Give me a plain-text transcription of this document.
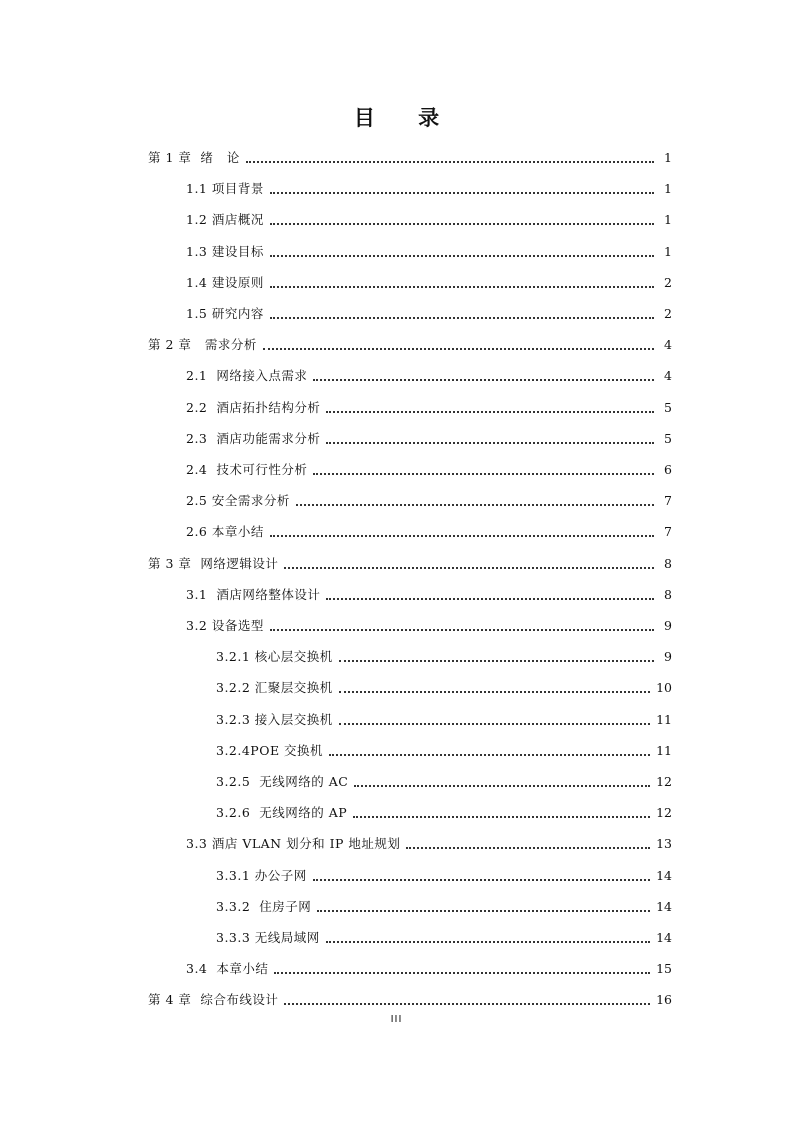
目 录
第 1 章  绪   论	1
1.1 项目背景	1
1.2 酒店概况	1
1.3 建设目标	1
1.4 建设原则	2
1.5 研究内容	2
第 2 章   需求分析	4
2.1  网络接入点需求	4
2.2  酒店拓扑结构分析	5
2.3  酒店功能需求分析	5
2.4  技术可行性分析	6
2.5 安全需求分析	7
2.6 本章小结	7
第 3 章  网络逻辑设计	8
3.1  酒店网络整体设计	8
3.2 设备选型	9
3.2.1 核心层交换机	9
3.2.2 汇聚层交换机	10
3.2.3 接入层交换机	11
3.2.4POE 交换机	11
3.2.5  无线网络的 AC	12
3.2.6  无线网络的 AP	12
3.3 酒店 VLAN 划分和 IP 地址规划	13
3.3.1 办公子网	14
3.3.2  住房子网	14
3.3.3 无线局域网	14
3.4  本章小结	15
第 4 章  综合布线设计	16
III
